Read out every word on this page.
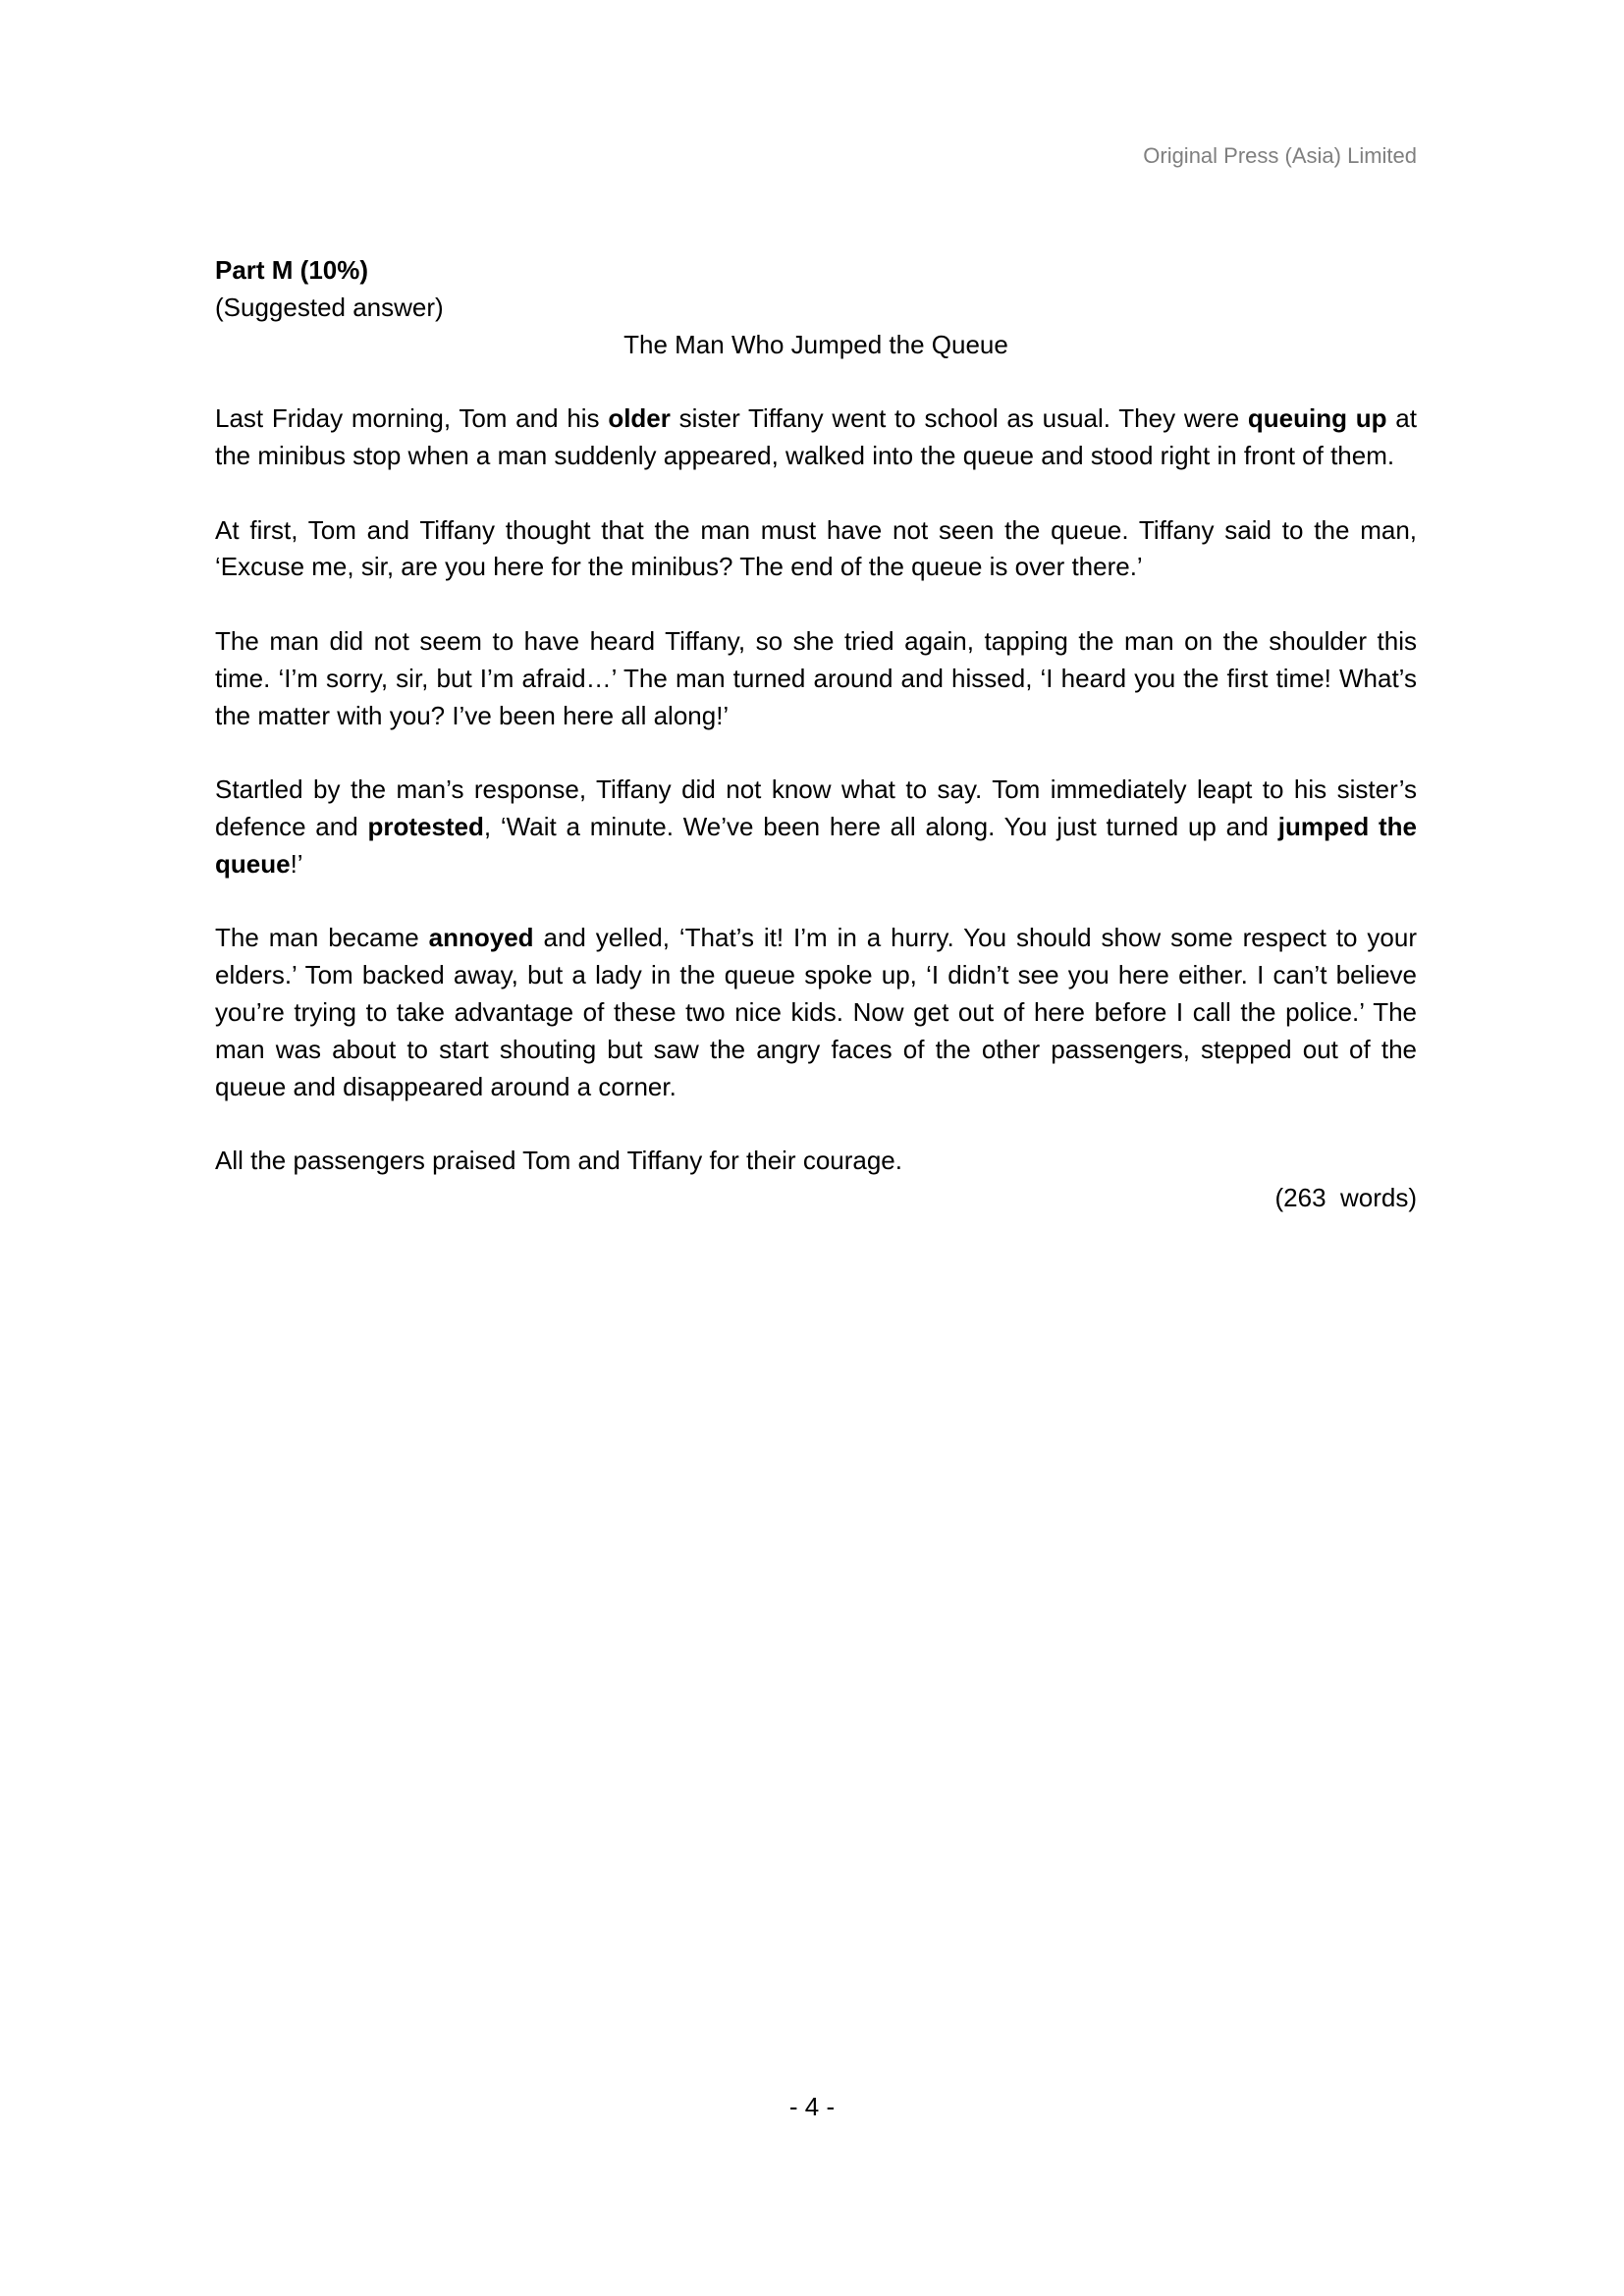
Original Press (Asia) Limited
Part M (10%)
(Suggested answer)
The Man Who Jumped the Queue

Last Friday morning, Tom and his older sister Tiffany went to school as usual. They were queuing up at the minibus stop when a man suddenly appeared, walked into the queue and stood right in front of them.

At first, Tom and Tiffany thought that the man must have not seen the queue. Tiffany said to the man, ‘Excuse me, sir, are you here for the minibus? The end of the queue is over there.’

The man did not seem to have heard Tiffany, so she tried again, tapping the man on the shoulder this time. ‘I’m sorry, sir, but I’m afraid…’ The man turned around and hissed, ‘I heard you the first time! What’s the matter with you? I’ve been here all along!’

Startled by the man’s response, Tiffany did not know what to say. Tom immediately leapt to his sister’s defence and protested, ‘Wait a minute. We’ve been here all along. You just turned up and jumped the queue!’

The man became annoyed and yelled, ‘That’s it! I’m in a hurry. You should show some respect to your elders.’ Tom backed away, but a lady in the queue spoke up, ‘I didn’t see you here either. I can’t believe you’re trying to take advantage of these two nice kids. Now get out of here before I call the police.’ The man was about to start shouting but saw the angry faces of the other passengers, stepped out of the queue and disappeared around a corner.

All the passengers praised Tom and Tiffany for their courage.

(263  words)
- 4 -
